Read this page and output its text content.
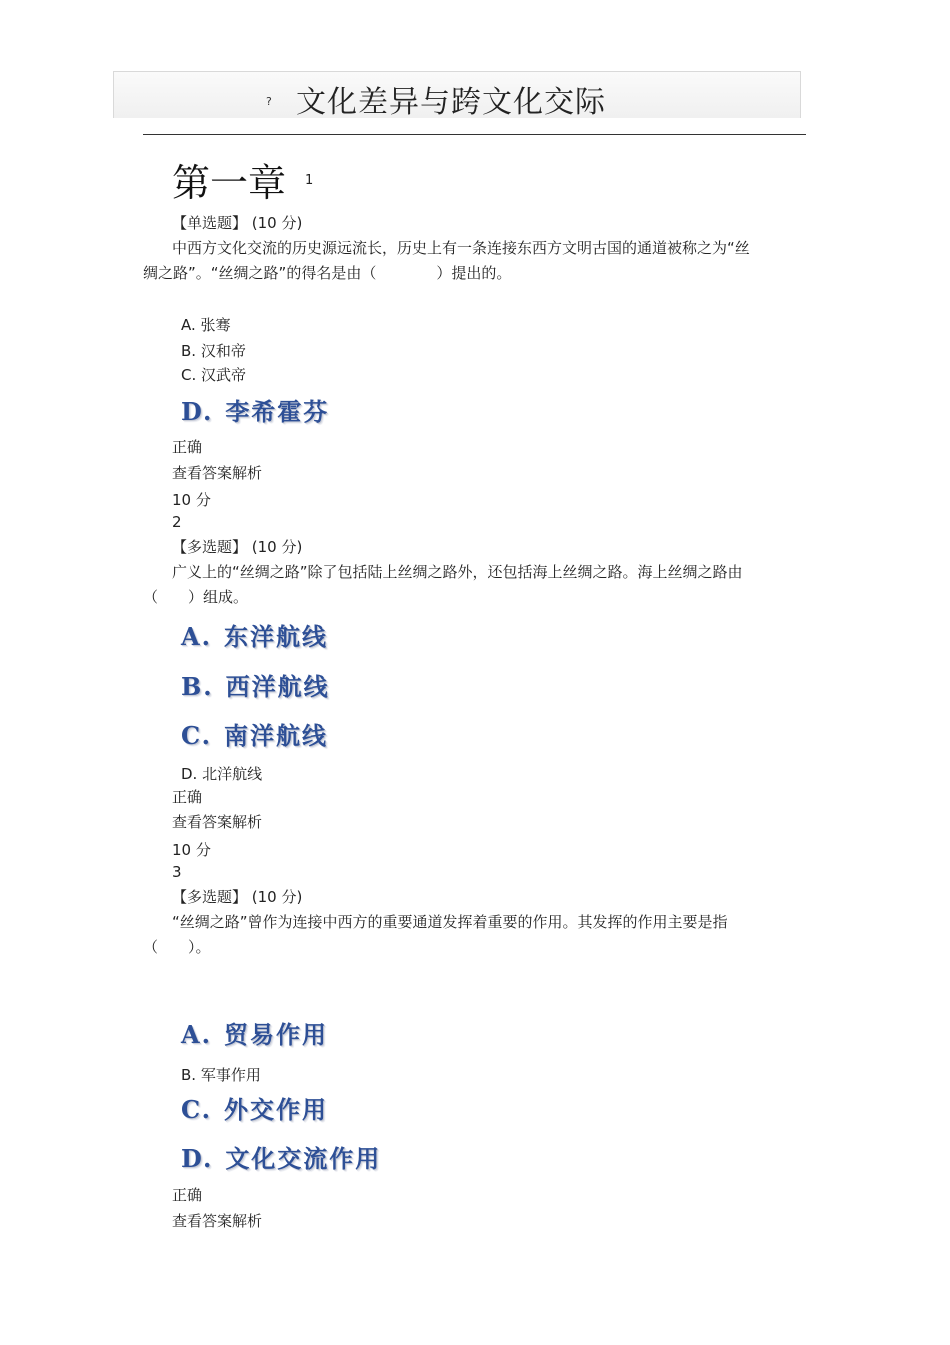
? 文化差异与跨文化交际
第一章 1
【单选题】 (10 分)
中西方文化交流的历史源远流长，历史上有一条连接东西方文明古国的通道被称之为“丝绸之路”。“丝绸之路”的得名是由（　　　　）提出的。
A. 张骞
B. 汉和帝
C. 汉武帝
D. 李希霍芬
正确
查看答案解析
10 分
2
【多选题】 (10 分)
广义上的“丝绸之路”除了包括陆上丝绸之路外，还包括海上丝绸之路。海上丝绸之路由（　　）组成。
A. 东洋航线
B. 西洋航线
C. 南洋航线
D. 北洋航线
正确
查看答案解析
10 分
3
【多选题】 (10 分)
“丝绸之路”曾作为连接中西方的重要通道发挥着重要的作用。其发挥的作用主要是指（　　）。
A. 贸易作用
B. 军事作用
C. 外交作用
D. 文化交流作用
正确
查看答案解析
